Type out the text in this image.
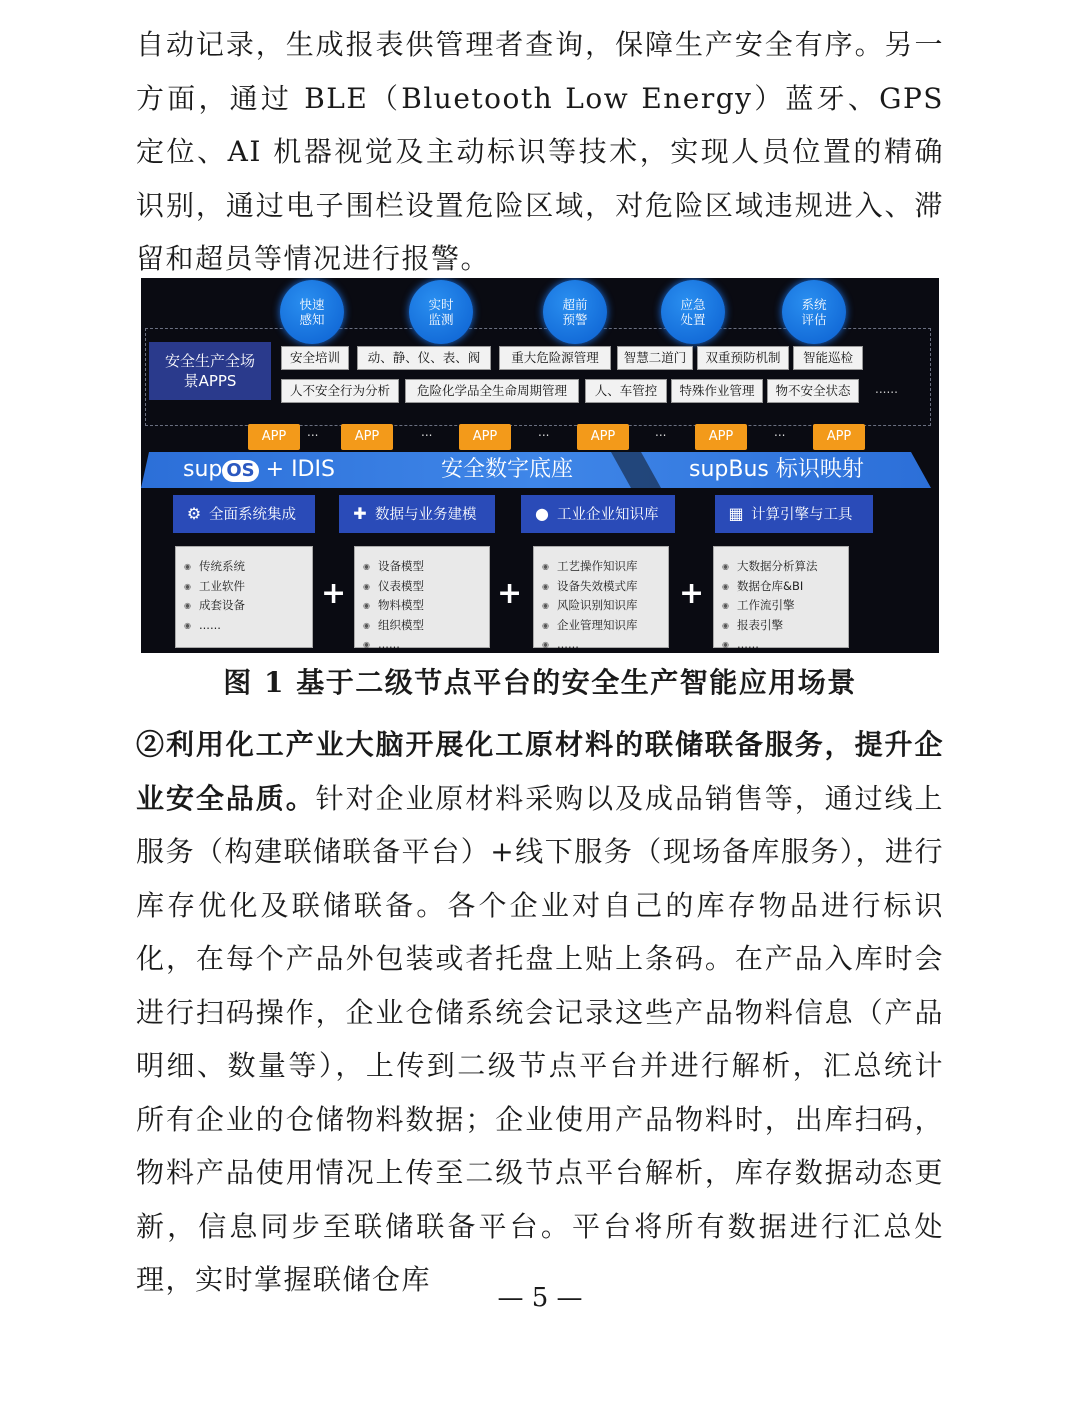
自动记录，生成报表供管理者查询，保障生产安全有序。另一方面，通过 BLE（Bluetooth Low Energy）蓝牙、GPS 定位、AI 机器视觉及主动标识等技术，实现人员位置的精确识别，通过电子围栏设置危险区域，对危险区域违规进入、滞留和超员等情况进行报警。

快速感知
实时监测
超前预警
应急处置
系统评估
安全生产全场景APPS
安全培训	动、静、仪、表、阀	重大危险源管理	智慧二道门	双重预防机制	智能巡检
人不安全行为分析	危险化学品全生命周期管理	人、车管控	特殊作业管理	物不安全状态	......
APP	...	APP	...	APP	...	APP	...	APP	...	APP
sup OS + IDIS	安全数字底座	supBus 标识映射
⚙ 全面系统集成	✚ 数据与业务建模	● 工业企业知识库	▦ 计算引擎与工具
◉ 传统系统
◉ 工业软件
◉ 成套设备
◉ ......
+
◉ 设备模型
◉ 仪表模型
◉ 物料模型
◉ 组织模型
◉ ......
+
◉ 工艺操作知识库
◉ 设备失效模式库
◉ 风险识别知识库
◉ 企业管理知识库
◉ ......
+
◉ 大数据分析算法
◉ 数据仓库&BI
◉ 工作流引擎
◉ 报表引擎
◉ ......
图 1 基于二级节点平台的安全生产智能应用场景

②利用化工产业大脑开展化工原材料的联储联备服务，提升企业安全品质。针对企业原材料采购以及成品销售等，通过线上服务（构建联储联备平台）+线下服务（现场备库服务），进行库存优化及联储联备。各个企业对自己的库存物品进行标识化，在每个产品外包装或者托盘上贴上条码。在产品入库时会进行扫码操作，企业仓储系统会记录这些产品物料信息（产品明细、数量等），上传到二级节点平台并进行解析，汇总统计所有企业的仓储物料数据；企业使用产品物料时，出库扫码，物料产品使用情况上传至二级节点平台解析，库存数据动态更新，信息同步至联储联备平台。平台将所有数据进行汇总处理，实时掌握联储仓库

— 5 —
